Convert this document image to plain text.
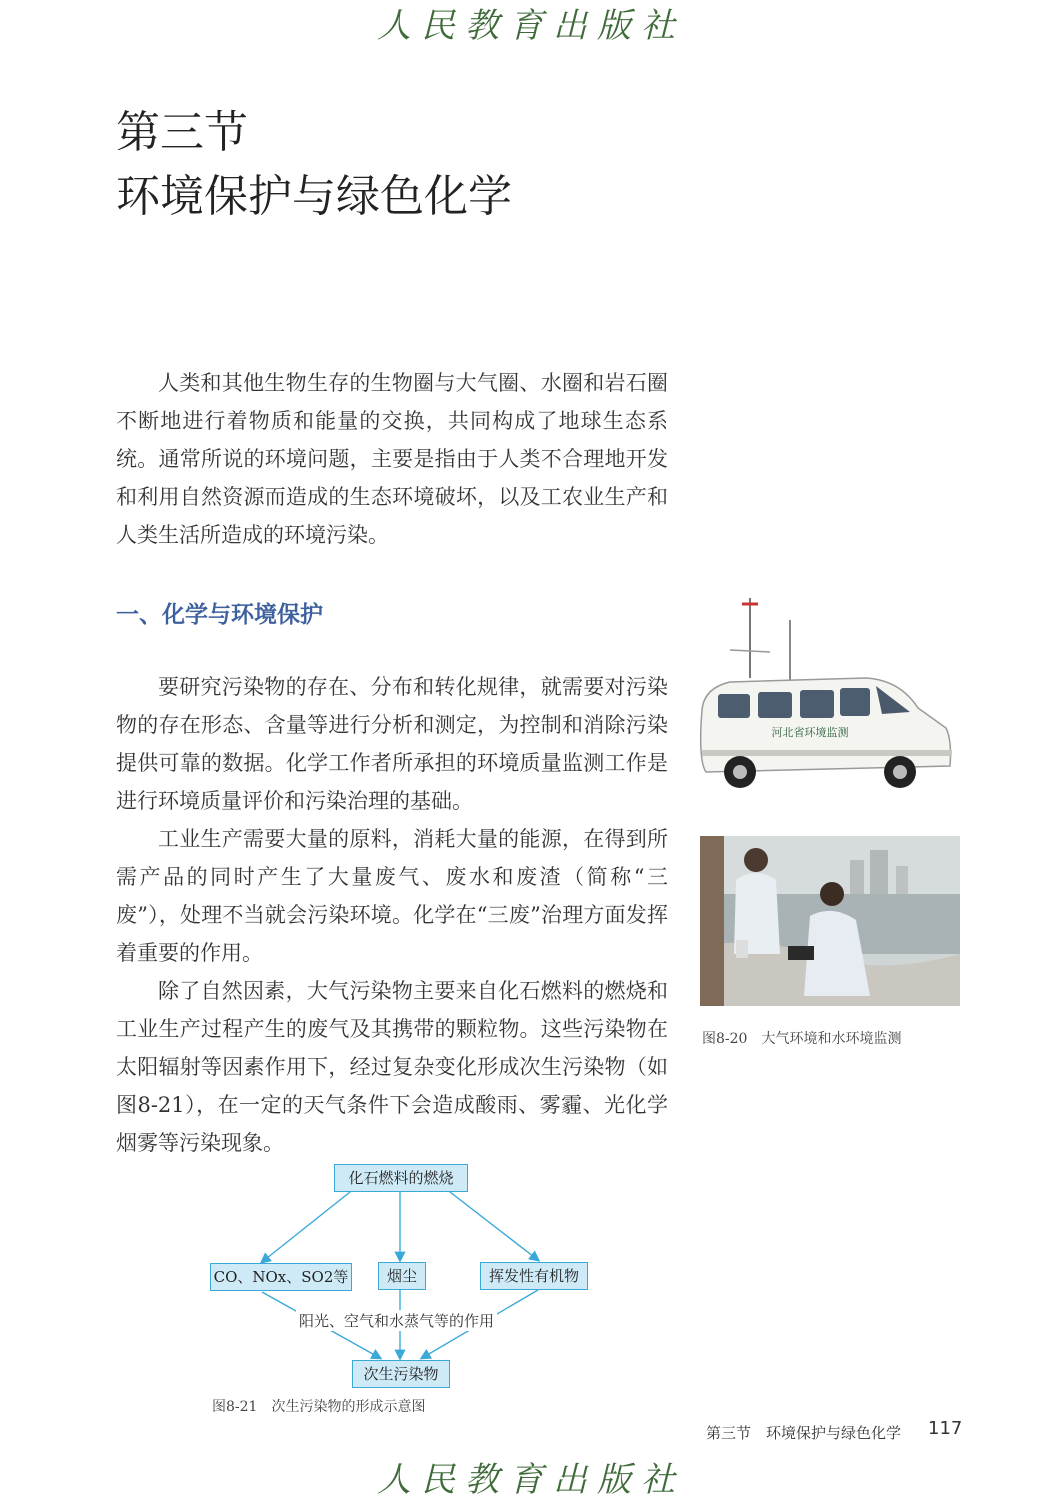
人民教育出版社
第三节
环境保护与绿色化学
人类和其他生物生存的生物圈与大气圈、水圈和岩石圈不断地进行着物质和能量的交换，共同构成了地球生态系统。通常所说的环境问题，主要是指由于人类不合理地开发和利用自然资源而造成的生态环境破坏，以及工农业生产和人类生活所造成的环境污染。
一、化学与环境保护
要研究污染物的存在、分布和转化规律，就需要对污染物的存在形态、含量等进行分析和测定，为控制和消除污染提供可靠的数据。化学工作者所承担的环境质量监测工作是进行环境质量评价和污染治理的基础。
工业生产需要大量的原料，消耗大量的能源，在得到所需产品的同时产生了大量废气、废水和废渣（简称“三废”），处理不当就会污染环境。化学在“三废”治理方面发挥着重要的作用。
除了自然因素，大气污染物主要来自化石燃料的燃烧和工业生产过程产生的废气及其携带的颗粒物。这些污染物在太阳辐射等因素作用下，经过复杂变化形成次生污染物（如图8-21），在一定的天气条件下会造成酸雨、雾霾、光化学烟雾等污染现象。
河北省环境监测
图8-20　大气环境和水环境监测
化石燃料的燃烧
CO、NOx、SO2等	烟尘	挥发性有机物
阳光、空气和水蒸气等的作用
次生污染物
图8-21　次生污染物的形成示意图
第三节　环境保护与绿色化学 117
人民教育出版社
